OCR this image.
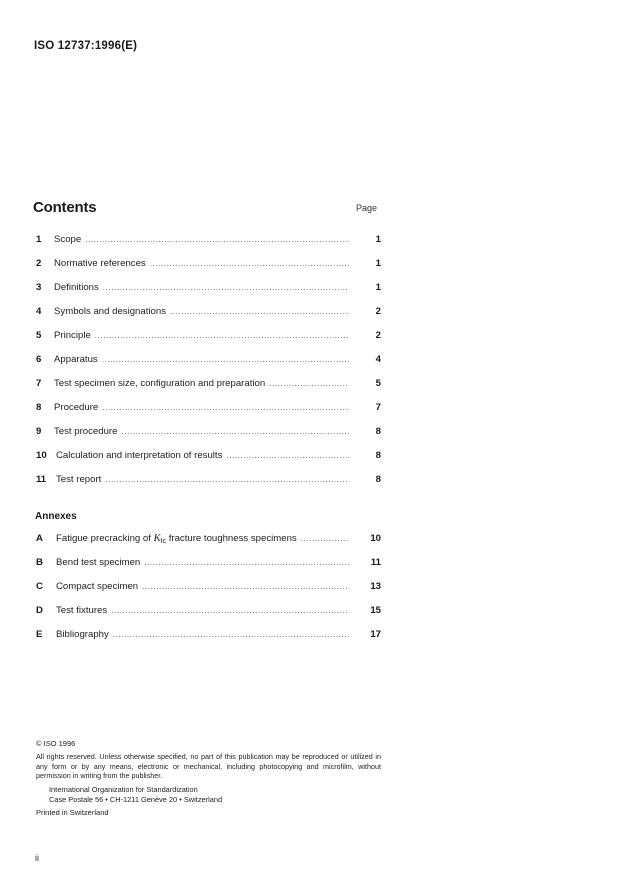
ISO 12737:1996(E)
Contents	Page
1	Scope .....	1
2	Normative references .....	1
3	Definitions .....	1
4	Symbols and designations .....	2
5	Principle .....	2
6	Apparatus .....	4
7	Test specimen size, configuration and preparation .....	5
8	Procedure .....	7
9	Test procedure .....	8
10 Calculation and interpretation of results .....	8
11	Test report .....	8
Annexes
A	Fatigue precracking of $K_{Ic}$ fracture toughness specimens .....	10
B	Bend test specimen .....	11
C	Compact specimen .....	13
D	Test fixtures .....	15
E	Bibliography .....	17
© ISO 1996
All rights reserved. Unless otherwise specified, no part of this publication may be reproduced or utilized in any form or by any means, electronic or mechanical, including photocopying and microfilm, without permission in writing from the publisher.
International Organization for Standardization
Case Postale 56 • CH-1211 Genève 20 • Switzerland
Printed in Switzerland
ii
